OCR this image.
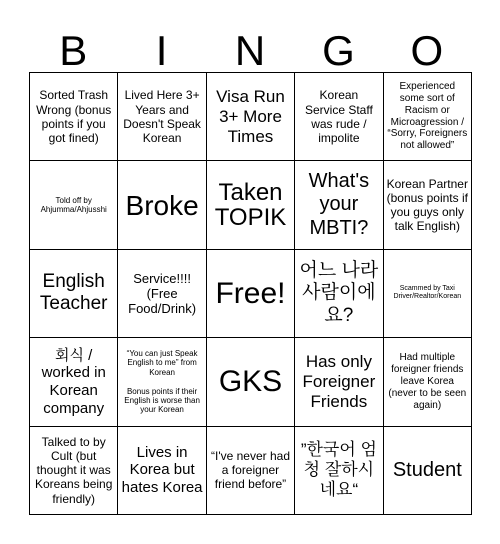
B	I	N	G	O
Sorted Trash Wrong (bonus points if you got fined)
Lived Here 3+ Years and Doesn't Speak Korean
Visa Run 3+ More Times
Korean Service Staff was rude / impolite
Experienced some sort of Racism or Microagression / “Sorry, Foreigners not allowed”
Told off by Ahjumma/Ahjusshi Broke Taken TOPIK
What's your MBTI?
Korean Partner (bonus points if you guys only talk English)
English Teacher
Service!!!! (Free Food/Drink) Free!
어느 나라 사람이에요?
Scammed by Taxi Driver/Realtor/Korean
회식 / worked in Korean company
“You can just Speak English to me” from Korean

Bonus points if their English is worse than your Korean
GKS
Has only Foreigner Friends
Had multiple foreigner friends leave Korea (never to be seen again)
Talked to by Cult (but thought it was Koreans being friendly)
Lives in Korea but hates Korea
“I've never had a foreigner friend before”
”한국어 엄청 잘하시네요“
Student
